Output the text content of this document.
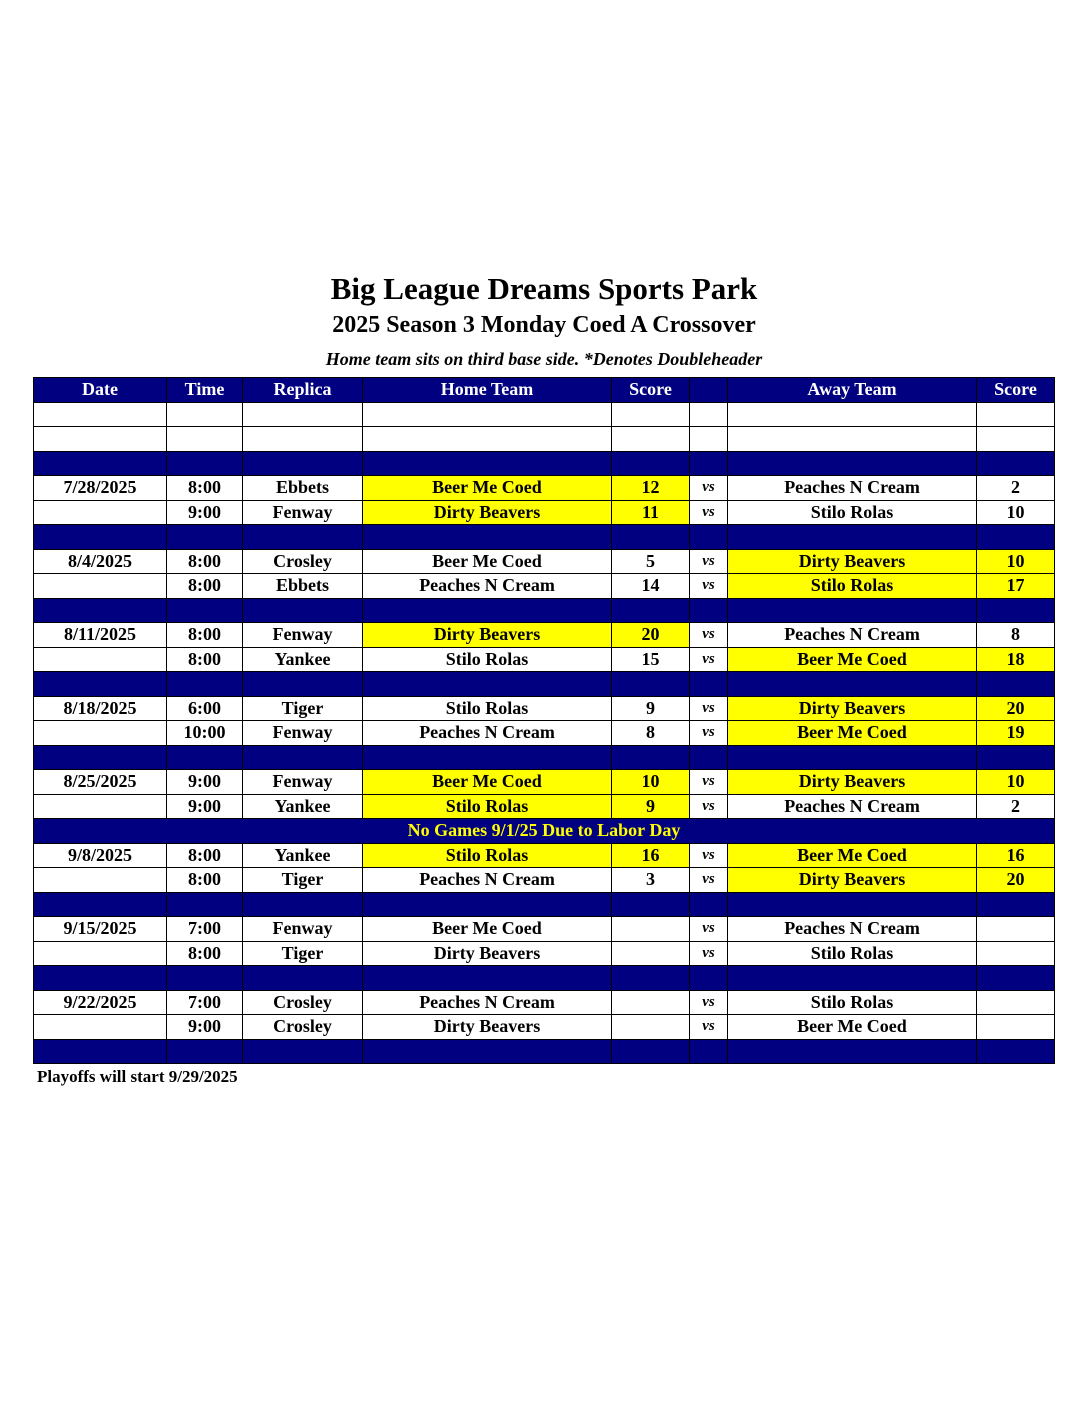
Big League Dreams Sports Park
2025 Season 3 Monday Coed A Crossover
Home team sits on third base side. *Denotes Doubleheader
Date	Time	Replica	Home Team	Score		Away Team	Score

7/28/2025	8:00	Ebbets	Beer Me Coed	12	vs	Peaches N Cream	2
	9:00	Fenway	Dirty Beavers	11	vs	Stilo Rolas	10

8/4/2025	8:00	Crosley	Beer Me Coed	5	vs	Dirty Beavers	10
	8:00	Ebbets	Peaches N Cream	14	vs	Stilo Rolas	17

8/11/2025	8:00	Fenway	Dirty Beavers	20	vs	Peaches N Cream	8
	8:00	Yankee	Stilo Rolas	15	vs	Beer Me Coed	18

8/18/2025	6:00	Tiger	Stilo Rolas	9	vs	Dirty Beavers	20
	10:00	Fenway	Peaches N Cream	8	vs	Beer Me Coed	19

8/25/2025	9:00	Fenway	Beer Me Coed	10	vs	Dirty Beavers	10
	9:00	Yankee	Stilo Rolas	9	vs	Peaches N Cream	2
No Games 9/1/25 Due to Labor Day							
9/8/2025	8:00	Yankee	Stilo Rolas	16	vs	Beer Me Coed	16
	8:00	Tiger	Peaches N Cream	3	vs	Dirty Beavers	20

9/15/2025	7:00	Fenway	Beer Me Coed		vs	Peaches N Cream	
	8:00	Tiger	Dirty Beavers		vs	Stilo Rolas	

9/22/2025	7:00	Crosley	Peaches N Cream		vs	Stilo Rolas	
	9:00	Crosley	Dirty Beavers		vs	Beer Me Coed	

Playoffs will start 9/29/2025
